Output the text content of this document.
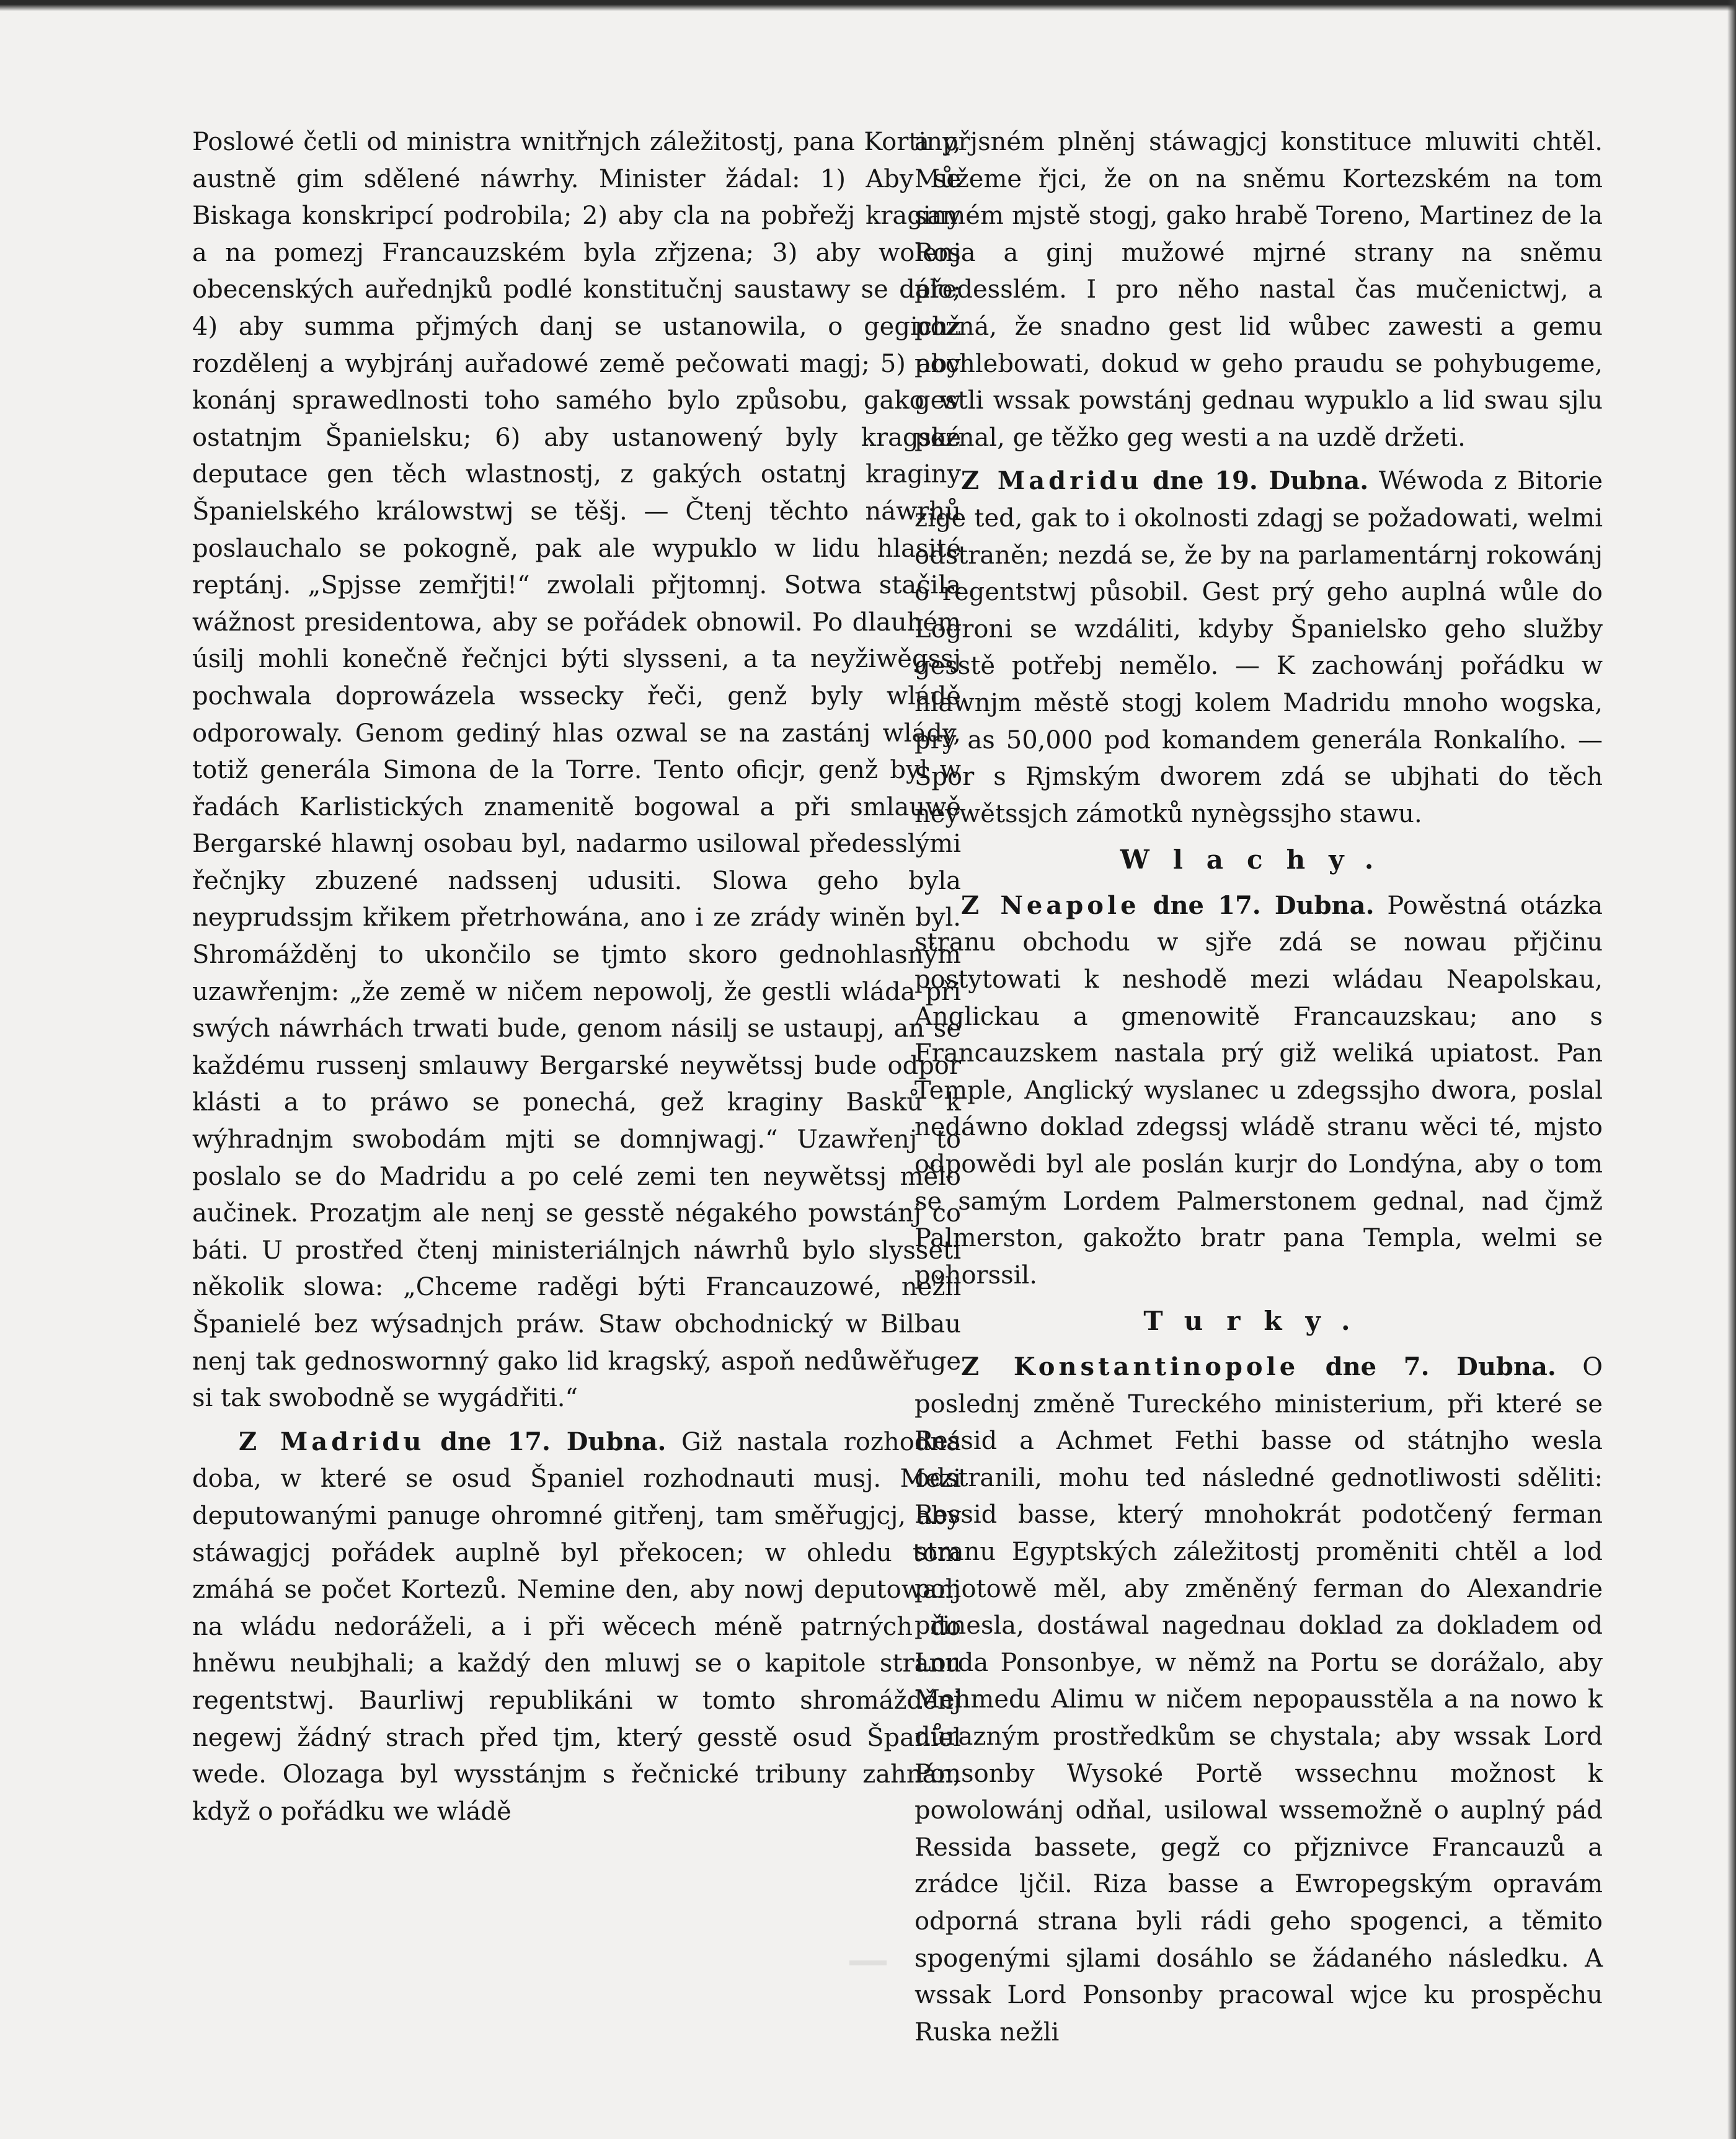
Poslowé četli od ministra wnitřnjch záležitostj, pana Kortiny, austně gim sdělené náwrhy. Minister žádal: 1) Aby se Biskaga konskripcí podrobila; 2) aby cla na pobřežj kraginy a na pomezj Francauzském byla zřjzena; 3) aby wolenj obecenských auřednjků podlé konstitučnj saustawy se dálo; 4) aby summa přjmých danj se ustanowila, o gegichž rozdělenj a wybjránj auřadowé země pečowati magj; 5) aby konánj sprawedlnosti toho samého bylo způsobu, gako w ostatnjm Španielsku; 6) aby ustanowený byly kragské deputace gen těch wlastnostj, z gakých ostatnj kraginy Španielského králowstwj se těšj. — Čtenj těchto náwrhů poslauchalo se pokogně, pak ale wypuklo w lidu hlasité reptánj. „Spjsse zemřjti!“ zwolali přjtomnj. Sotwa stačila wážnost presidentowa, aby se pořádek obnowil. Po dlauhém úsilj mohli konečně řečnjci býti slysseni, a ta neyžiwěgssj pochwala doprowázela wssecky řeči, genž byly wládě odporowaly. Genom gediný hlas ozwal se na zastánj wlády, totiž generála Simona de la Torre. Tento oficjr, genž byl w řadách Karlistických znamenitě bogowal a při smlauwě Bergarské hlawnj osobau byl, nadarmo usilowal předesslými řečnjky zbuzené nadssenj udusiti. Slowa geho byla neyprudssjm křikem přetrhowána, ano i ze zrády winěn byl. Shromážděnj to ukončilo se tjmto skoro gednohlasným uzawřenjm: „že země w ničem nepowolj, že gestli wláda při swých náwrhách trwati bude, genom násilj se ustaupj, an se každému russenj smlauwy Bergarské neywětssj bude odpor klásti a to práwo se ponechá, gež kraginy Basků k wýhradnjm swobodám mjti se domnjwagj.“ Uzawřenj to poslalo se do Madridu a po celé zemi ten neywětssj mělo aučinek. Prozatjm ale nenj se gesstě négakého powstánj co báti. U prostřed čtenj ministeriálnjch náwrhů bylo slysseti několik slowa: „Chceme raděgi býti Francauzowé, nežli Španielé bez wýsadnjch práw. Staw obchodnický w Bilbau nenj tak gednoswornný gako lid kragský, aspoň nedůwěřuge si tak swobodně se wygádřiti.“

Z Madridu dne 17. Dubna. Giž nastala rozhodná doba, w které se osud Španiel rozhodnauti musj. Mezi deputowanými panuge ohromné gitřenj, tam směřugjcj, aby stáwagjcj pořádek auplně byl překocen; w ohledu tom zmáhá se počet Kortezů. Nemine den, aby nowj deputowanj na wládu nedoráželi, a i při wěcech méně patrných do hněwu neubjhali; a každý den mluwj se o kapitole stranu regentstwj. Baurliwj republikáni w tomto shromážděnj negewj žádný strach před tjm, který gesstě osud Španiel wede. Olozaga byl wysstánjm s řečnické tribuny zahnán, když o pořádku we wládě

a přjsném plněnj stáwagjcj konstituce mluwiti chtěl. Můžeme řjci, že on na sněmu Kortezském na tom samém mjstě stogj, gako hrabě Toreno, Martinez de la Rosa a ginj mužowé mjrné strany na sněmu předesslém. I pro něho nastal čas mučenictwj, a pozná, že snadno gest lid wůbec zawesti a gemu pochlebowati, dokud w geho praudu se pohybugeme, gestli wssak powstánj gednau wypuklo a lid swau sjlu poznal, ge těžko geg westi a na uzdě držeti.

Z Madridu dne 19. Dubna. Wéwoda z Bitorie zige ted, gak to i okolnosti zdagj se požadowati, welmi odstraněn; nezdá se, že by na parlamentárnj rokowánj o regentstwj působil. Gest prý geho auplná wůle do Logroni se wzdáliti, kdyby Španielsko geho služby gesstě potřebj nemělo. — K zachowánj pořádku w hlawnjm městě stogj kolem Madridu mnoho wogska, prý as 50,000 pod komandem generála Ronkalího. — Spor s Rjmským dworem zdá se ubjhati do těch neywětssjch zámotků nynègssjho stawu.

Wlachy.

Z Neapole dne 17. Dubna. Powěstná otázka stranu obchodu w sjře zdá se nowau přjčinu postytowati k neshodě mezi wládau Neapolskau, Anglickau a gmenowitě Francauzskau; ano s Francauzskem nastala prý giž weliká upiatost. Pan Temple, Anglický wyslanec u zdegssjho dwora, poslal nedáwno doklad zdegssj wládě stranu wěci té, mjsto odpowědi byl ale poslán kurjr do Londýna, aby o tom se samým Lordem Palmerstonem gednal, nad čjmž Palmerston, gakožto bratr pana Templa, welmi se pohorssil.

Turky.

Z Konstantinopole dne 7. Dubna. O poslednj změně Tureckého ministerium, při které se Ressid a Achmet Fethi basse od státnjho wesla odstranili, mohu ted následné gednotliwosti sděliti: Ressid basse, který mnohokrát podotčený ferman stranu Egyptských záležitostj proměniti chtěl a lod pohotowě měl, aby změněný ferman do Alexandrie přinesla, dostáwal nagednau doklad za dokladem od Lorda Ponsonbye, w němž na Portu se dorážalo, aby Mehmedu Alimu w ničem nepopausstěla a na nowo k důrazným prostředkům se chystala; aby wssak Lord Ponsonby Wysoké Portě wssechnu možnost k powolowánj odňal, usilowal wssemožně o auplný pád Ressida bassete, gegž co přjznivce Francauzů a zrádce ljčil. Riza basse a Ewropegským opravám odporná strana byli rádi geho spogenci, a těmito spogenými sjlami dosáhlo se žádaného následku. A wssak Lord Ponsonby pracowal wjce ku prospěchu Ruska nežli
